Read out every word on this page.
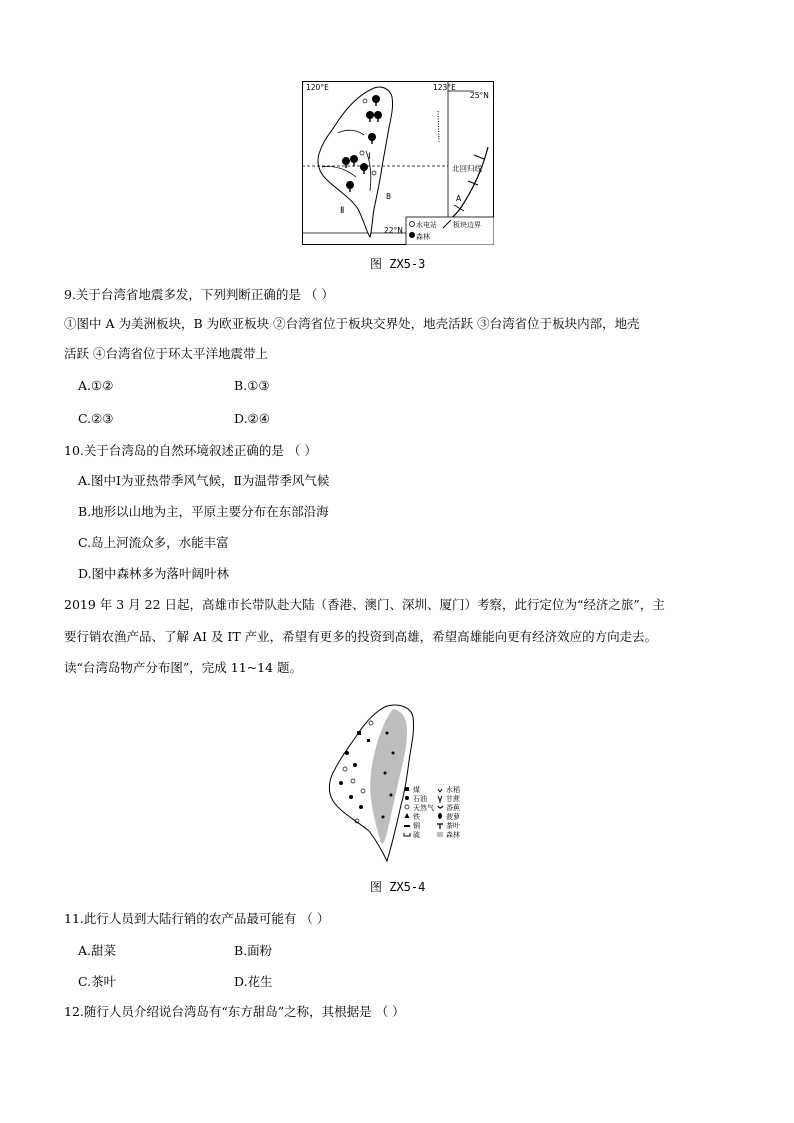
120°E	123°E
25°N
22°N
Ⅰ
Ⅱ
B	A
北回归线
水电站 板块边界
森林
图 ZX5-3
9.关于台湾省地震多发，下列判断正确的是 （ ）
①图中 A 为美洲板块，B 为欧亚板块 ②台湾省位于板块交界处，地壳活跃 ③台湾省位于板块内部，地壳
活跃 ④台湾省位于环太平洋地震带上
A.①②	B.①③
C.②③	D.②④
10.关于台湾岛的自然环境叙述正确的是 （ ）
A.图中Ⅰ为亚热带季风气候，Ⅱ为温带季风气候
B.地形以山地为主，平原主要分布在东部沿海
C.岛上河流众多，水能丰富
D.图中森林多为落叶阔叶林
2019 年 3 月 22 日起，高雄市长带队赴大陆（香港、澳门、深圳、厦门）考察，此行定位为“经济之旅”，主
要行销农渔产品、了解 AI 及 IT 产业，希望有更多的投资到高雄，希望高雄能向更有经济效应的方向走去。
读“台湾岛物产分布图”，完成 11~14 题。
煤
石油
天然气
铁
铜
硫
水稻
甘蔗
香蕉
菠萝
茶叶
森林
图 ZX5-4
11.此行人员到大陆行销的农产品最可能有 （ ）
A.甜菜	B.面粉
C.茶叶	D.花生
12.随行人员介绍说台湾岛有“东方甜岛”之称，其根据是 （ ）
